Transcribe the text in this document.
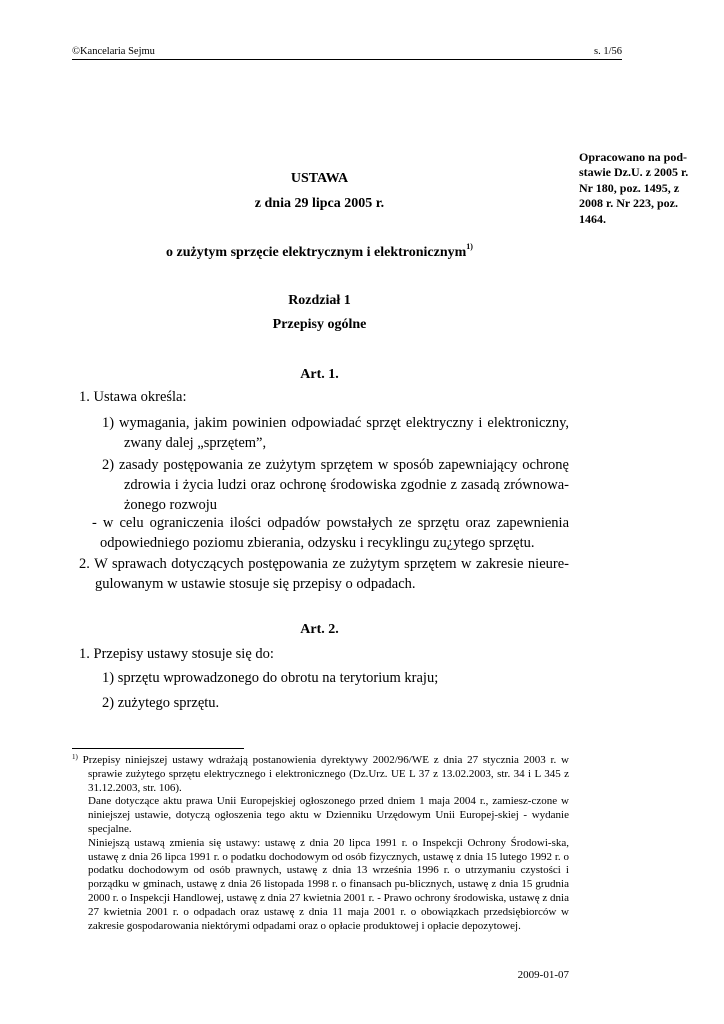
©Kancelaria Sejmu	s. 1/56
Opracowano na pod-
stawie Dz.U. z 2005 r.
Nr 180, poz. 1495, z
2008 r. Nr 223, poz.
1464.
USTAWA
z dnia 29 lipca 2005 r.
o zużytym sprzęcie elektrycznym i elektronicznym$^{1)}$
Rozdział 1
Przepisy ogólne
Art. 1.
1. Ustawa określa:
1) wymagania, jakim powinien odpowiadać sprzęt elektryczny i elektroniczny, zwany dalej „sprzętem”,
2) zasady postępowania ze zużytym sprzętem w sposób zapewniający ochronę zdrowia i życia ludzi oraz ochronę środowiska zgodnie z zasadą zrównowa-żonego rozwoju
- w celu ograniczenia ilości odpadów powstałych ze sprzętu oraz zapewnienia odpowiedniego poziomu zbierania, odzysku i recyklingu zu¿ytego sprzętu.
2. W sprawach dotyczących postępowania ze zużytym sprzętem w zakresie nieure-gulowanym w ustawie stosuje się przepisy o odpadach.
Art. 2.
1. Przepisy ustawy stosuje się do:
1) sprzętu wprowadzonego do obrotu na terytorium kraju;
2) zużytego sprzętu.

$^{1)}$ Przepisy niniejszej ustawy wdrażają postanowienia dyrektywy 2002/96/WE z dnia 27 stycznia 2003 r. w sprawie zużytego sprzętu elektrycznego i elektronicznego (Dz.Urz. UE L 37 z 13.02.2003, str. 34 i L 345 z 31.12.2003, str. 106).

Dane dotyczące aktu prawa Unii Europejskiej ogłoszonego przed dniem 1 maja 2004 r., zamiesz-czone w niniejszej ustawie, dotyczą ogłoszenia tego aktu w Dzienniku Urzędowym Unii Europej-skiej - wydanie specjalne.

Niniejszą ustawą zmienia się ustawy: ustawę z dnia 20 lipca 1991 r. o Inspekcji Ochrony Środowi-ska, ustawę z dnia 26 lipca 1991 r. o podatku dochodowym od osób fizycznych, ustawę z dnia 15 lutego 1992 r. o podatku dochodowym od osób prawnych, ustawę z dnia 13 września 1996 r. o utrzymaniu czystości i porządku w gminach, ustawę z dnia 26 listopada 1998 r. o finansach pu-blicznych, ustawę z dnia 15 grudnia 2000 r. o Inspekcji Handlowej, ustawę z dnia 27 kwietnia 2001 r. - Prawo ochrony środowiska, ustawę z dnia 27 kwietnia 2001 r. o odpadach oraz ustawę z dnia 11 maja 2001 r. o obowiązkach przedsiębiorców w zakresie gospodarowania niektórymi odpadami oraz o opłacie produktowej i opłacie depozytowej.

2009-01-07
